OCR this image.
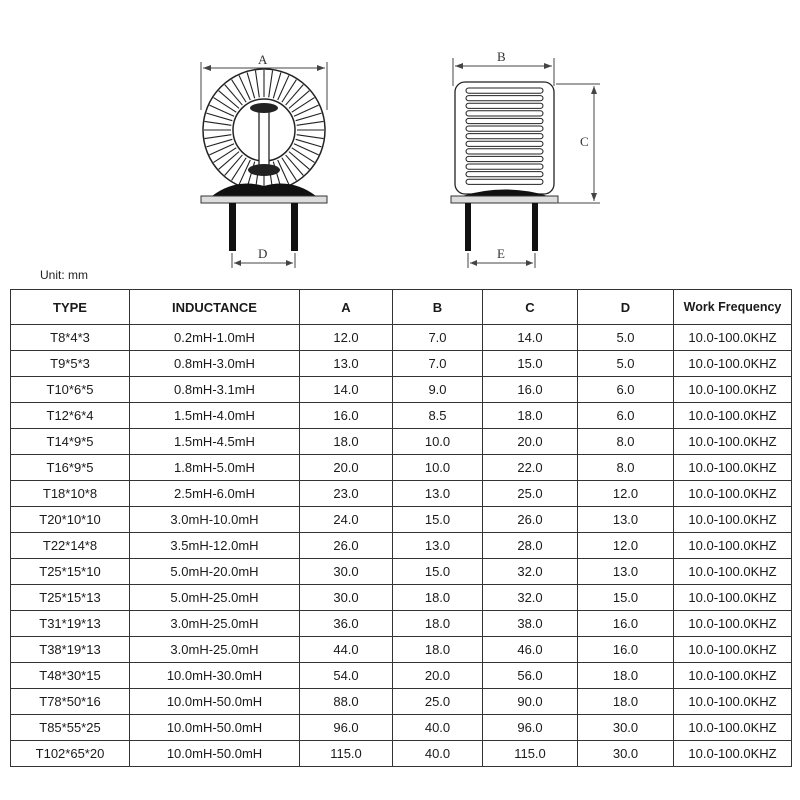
A
D
B
C
E
Unit: mm
TYPE	INDUCTANCE	A	B	C	D	Work Frequency
T8*4*3	0.2mH-1.0mH	12.0	7.0	14.0	5.0	10.0-100.0KHZ
T9*5*3	0.8mH-3.0mH	13.0	7.0	15.0	5.0	10.0-100.0KHZ
T10*6*5	0.8mH-3.1mH	14.0	9.0	16.0	6.0	10.0-100.0KHZ
T12*6*4	1.5mH-4.0mH	16.0	8.5	18.0	6.0	10.0-100.0KHZ
T14*9*5	1.5mH-4.5mH	18.0	10.0	20.0	8.0	10.0-100.0KHZ
T16*9*5	1.8mH-5.0mH	20.0	10.0	22.0	8.0	10.0-100.0KHZ
T18*10*8	2.5mH-6.0mH	23.0	13.0	25.0	12.0	10.0-100.0KHZ
T20*10*10	3.0mH-10.0mH	24.0	15.0	26.0	13.0	10.0-100.0KHZ
T22*14*8	3.5mH-12.0mH	26.0	13.0	28.0	12.0	10.0-100.0KHZ
T25*15*10	5.0mH-20.0mH	30.0	15.0	32.0	13.0	10.0-100.0KHZ
T25*15*13	5.0mH-25.0mH	30.0	18.0	32.0	15.0	10.0-100.0KHZ
T31*19*13	3.0mH-25.0mH	36.0	18.0	38.0	16.0	10.0-100.0KHZ
T38*19*13	3.0mH-25.0mH	44.0	18.0	46.0	16.0	10.0-100.0KHZ
T48*30*15	10.0mH-30.0mH	54.0	20.0	56.0	18.0	10.0-100.0KHZ
T78*50*16	10.0mH-50.0mH	88.0	25.0	90.0	18.0	10.0-100.0KHZ
T85*55*25	10.0mH-50.0mH	96.0	40.0	96.0	30.0	10.0-100.0KHZ
T102*65*20	10.0mH-50.0mH	115.0	40.0	115.0	30.0	10.0-100.0KHZ
